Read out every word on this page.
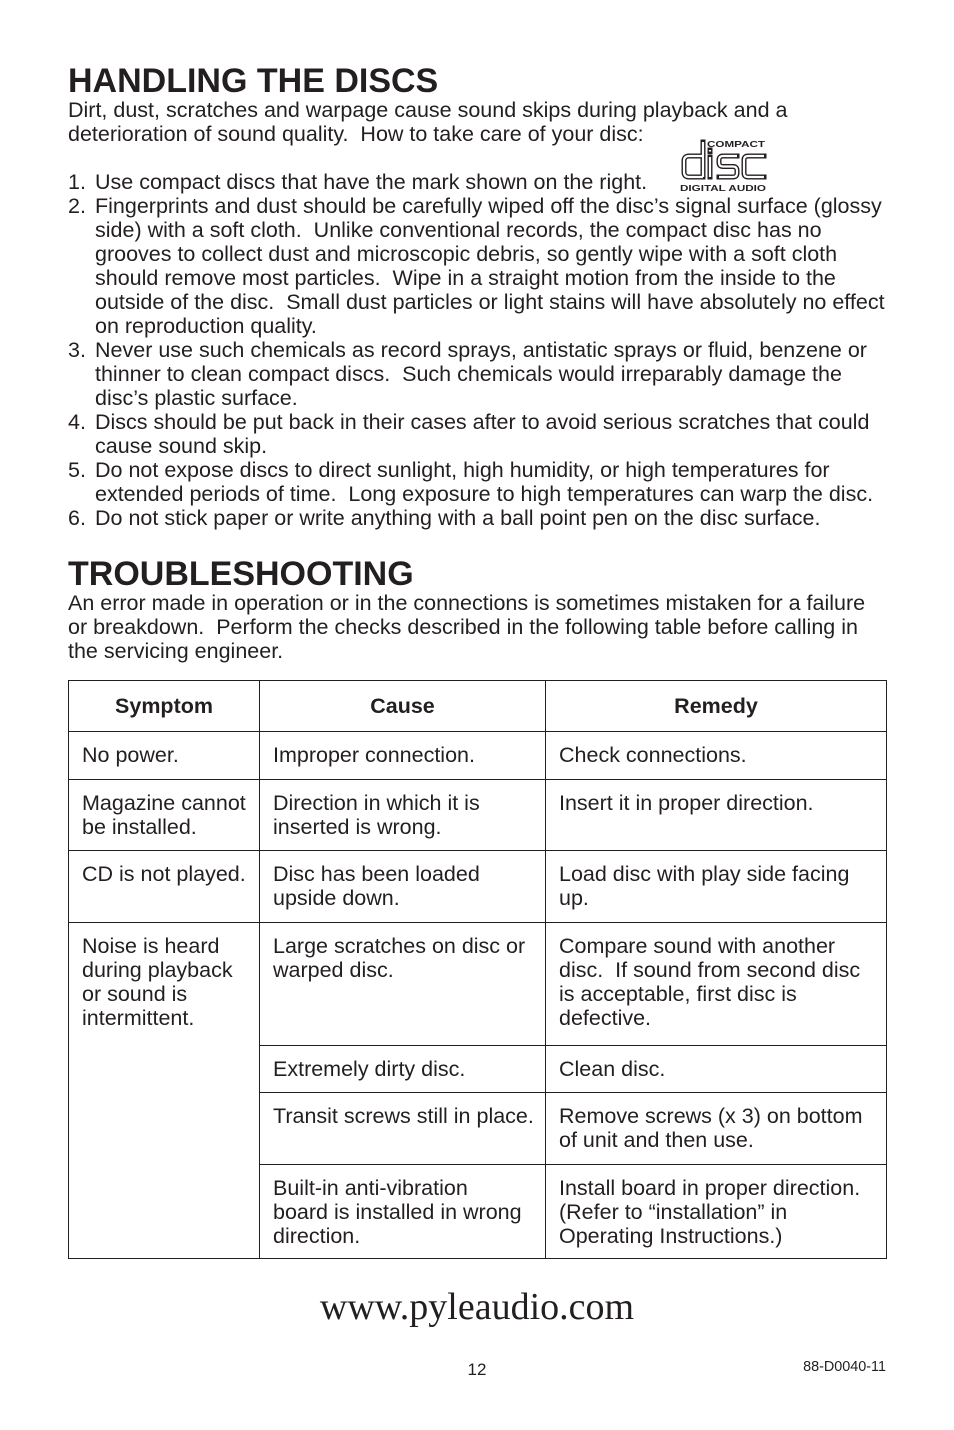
HANDLING THE DISCS
Dirt, dust, scratches and warpage cause sound skips during playback and a
deterioration of sound quality.  How to take care of your disc:	COMPACT
DIGITAL AUDIO
1. Use compact discs that have the mark shown on the right.
2. Fingerprints and dust should be carefully wiped off the disc’s signal surface (glossy
side) with a soft cloth.  Unlike conventional records, the compact disc has no
grooves to collect dust and microscopic debris, so gently wipe with a soft cloth
should remove most particles.  Wipe in a straight motion from the inside to the
outside of the disc.  Small dust particles or light stains will have absolutely no effect
on reproduction quality.
3. Never use such chemicals as record sprays, antistatic sprays or fluid, benzene or
thinner to clean compact discs.  Such chemicals would irreparably damage the
disc’s plastic surface.
4. Discs should be put back in their cases after to avoid serious scratches that could
cause sound skip.
5. Do not expose discs to direct sunlight, high humidity, or high temperatures for
extended periods of time.  Long exposure to high temperatures can warp the disc.
6. Do not stick paper or write anything with a ball point pen on the disc surface.
TROUBLESHOOTING
An error made in operation or in the connections is sometimes mistaken for a failure
or breakdown.  Perform the checks described in the following table before calling in
the servicing engineer.
Symptom	Cause	Remedy

No power.	Improper connection.	Check connections.

Magazine cannot
be installed.	Direction in which it is
inserted is wrong.	Insert it in proper direction.

CD is not played.	Disc has been loaded
upside down.	Load disc with play side facing
up.

Noise is heard
during playback
or sound is
intermittent.	Large scratches on disc or
warped disc.	Compare sound with another
disc.  If sound from second disc
is acceptable, first disc is
defective.

	Extremely dirty disc.	Clean disc.

	Transit screws still in place.	Remove screws (x 3) on bottom
of unit and then use.

	Built-in anti-vibration
board is installed in wrong
direction.	Install board in proper direction.
(Refer to “installation” in
Operating Instructions.)
www.pyleaudio.com
12	88-D0040-11
